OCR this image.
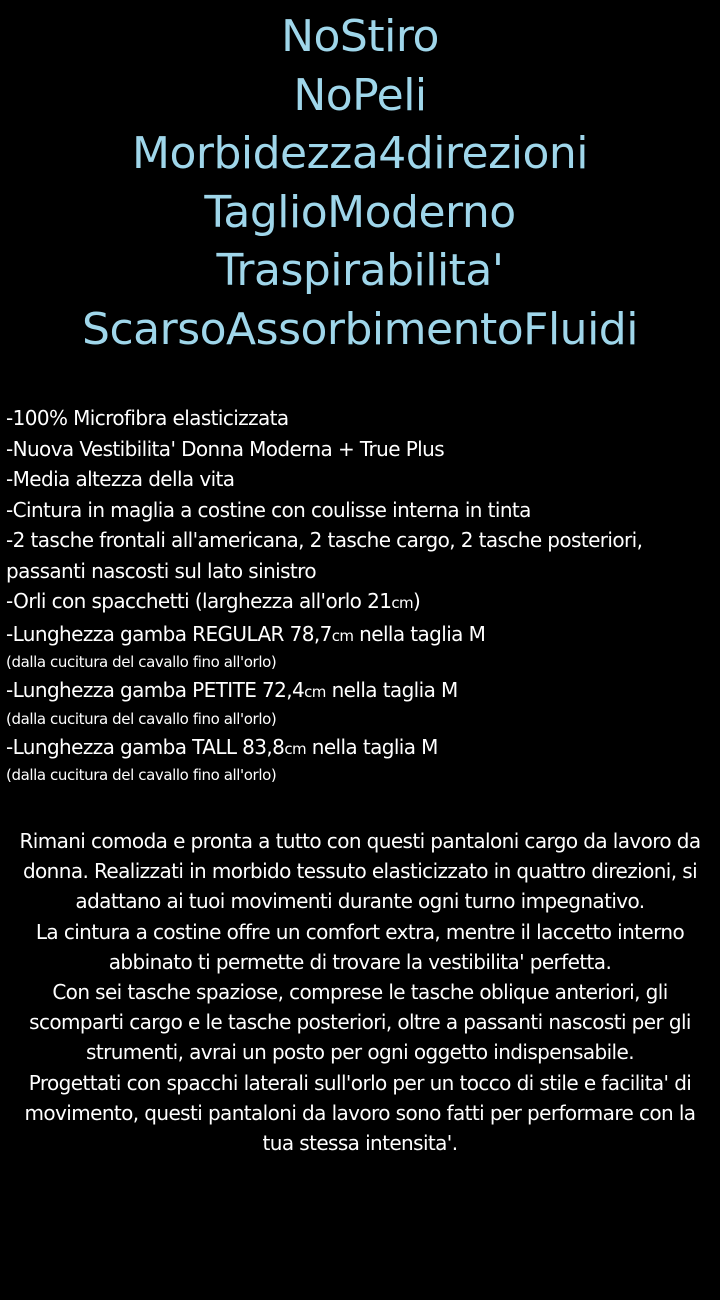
NoStiro
NoPeli
Morbidezza4direzioni
TaglioModerno
Traspirabilita'
ScarsoAssorbimentoFluidi
-100% Microfibra elasticizzata
-Nuova Vestibilita' Donna Moderna + True Plus
-Media altezza della vita
-Cintura in maglia a costine con coulisse interna in tinta
-2 tasche frontali all'americana, 2 tasche cargo, 2 tasche posteriori, passanti nascosti sul lato sinistro
-Orli con spacchetti (larghezza all'orlo 21cm)
-Lunghezza gamba REGULAR 78,7cm nella taglia M
(dalla cucitura del cavallo fino all'orlo)
-Lunghezza gamba PETITE 72,4cm nella taglia M
(dalla cucitura del cavallo fino all'orlo)
-Lunghezza gamba TALL 83,8cm nella taglia M
(dalla cucitura del cavallo fino all'orlo)

Rimani comoda e pronta a tutto con questi pantaloni cargo da lavoro da donna. Realizzati in morbido tessuto elasticizzato in quattro direzioni, si adattano ai tuoi movimenti durante ogni turno impegnativo.

La cintura a costine offre un comfort extra, mentre il laccetto interno abbinato ti permette di trovare la vestibilita' perfetta.

Con sei tasche spaziose, comprese le tasche oblique anteriori, gli scomparti cargo e le tasche posteriori, oltre a passanti nascosti per gli strumenti, avrai un posto per ogni oggetto indispensabile.

Progettati con spacchi laterali sull'orlo per un tocco di stile e facilita' di movimento, questi pantaloni da lavoro sono fatti per performare con la tua stessa intensita'.
